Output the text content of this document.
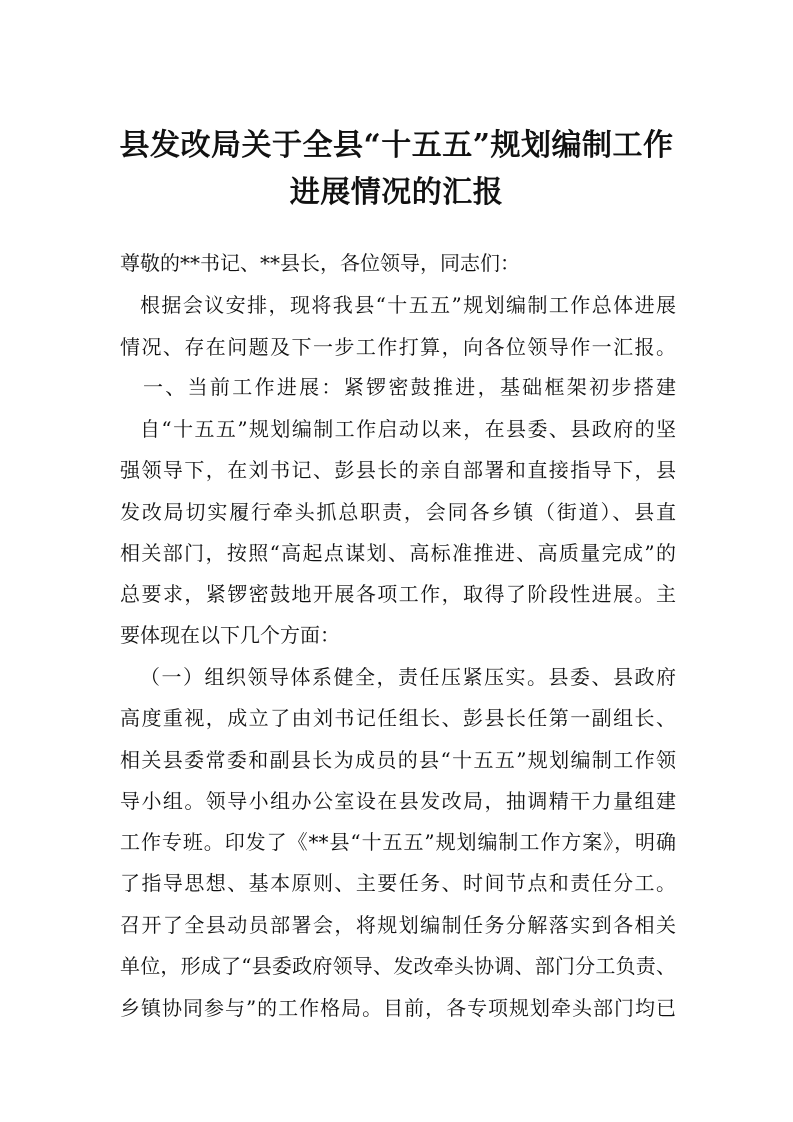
县发改局关于全县“十五五”规划编制工作
进展情况的汇报
尊敬的**书记、**县长，各位领导，同志们：
根据会议安排，现将我县“十五五”规划编制工作总体进展
情况、存在问题及下一步工作打算，向各位领导作一汇报。
一、当前工作进展：紧锣密鼓推进，基础框架初步搭建
自“十五五”规划编制工作启动以来，在县委、县政府的坚
强领导下，在刘书记、彭县长的亲自部署和直接指导下，县
发改局切实履行牵头抓总职责，会同各乡镇（街道）、县直
相关部门，按照“高起点谋划、高标准推进、高质量完成”的
总要求，紧锣密鼓地开展各项工作，取得了阶段性进展。主
要体现在以下几个方面：
（一）组织领导体系健全，责任压紧压实。县委、县政府
高度重视，成立了由刘书记任组长、彭县长任第一副组长、
相关县委常委和副县长为成员的县“十五五”规划编制工作领
导小组。领导小组办公室设在县发改局，抽调精干力量组建
工作专班。印发了《**县“十五五”规划编制工作方案》，明确
了指导思想、基本原则、主要任务、时间节点和责任分工。
召开了全县动员部署会，将规划编制任务分解落实到各相关
单位，形成了“县委政府领导、发改牵头协调、部门分工负责、
乡镇协同参与”的工作格局。目前，各专项规划牵头部门均已
